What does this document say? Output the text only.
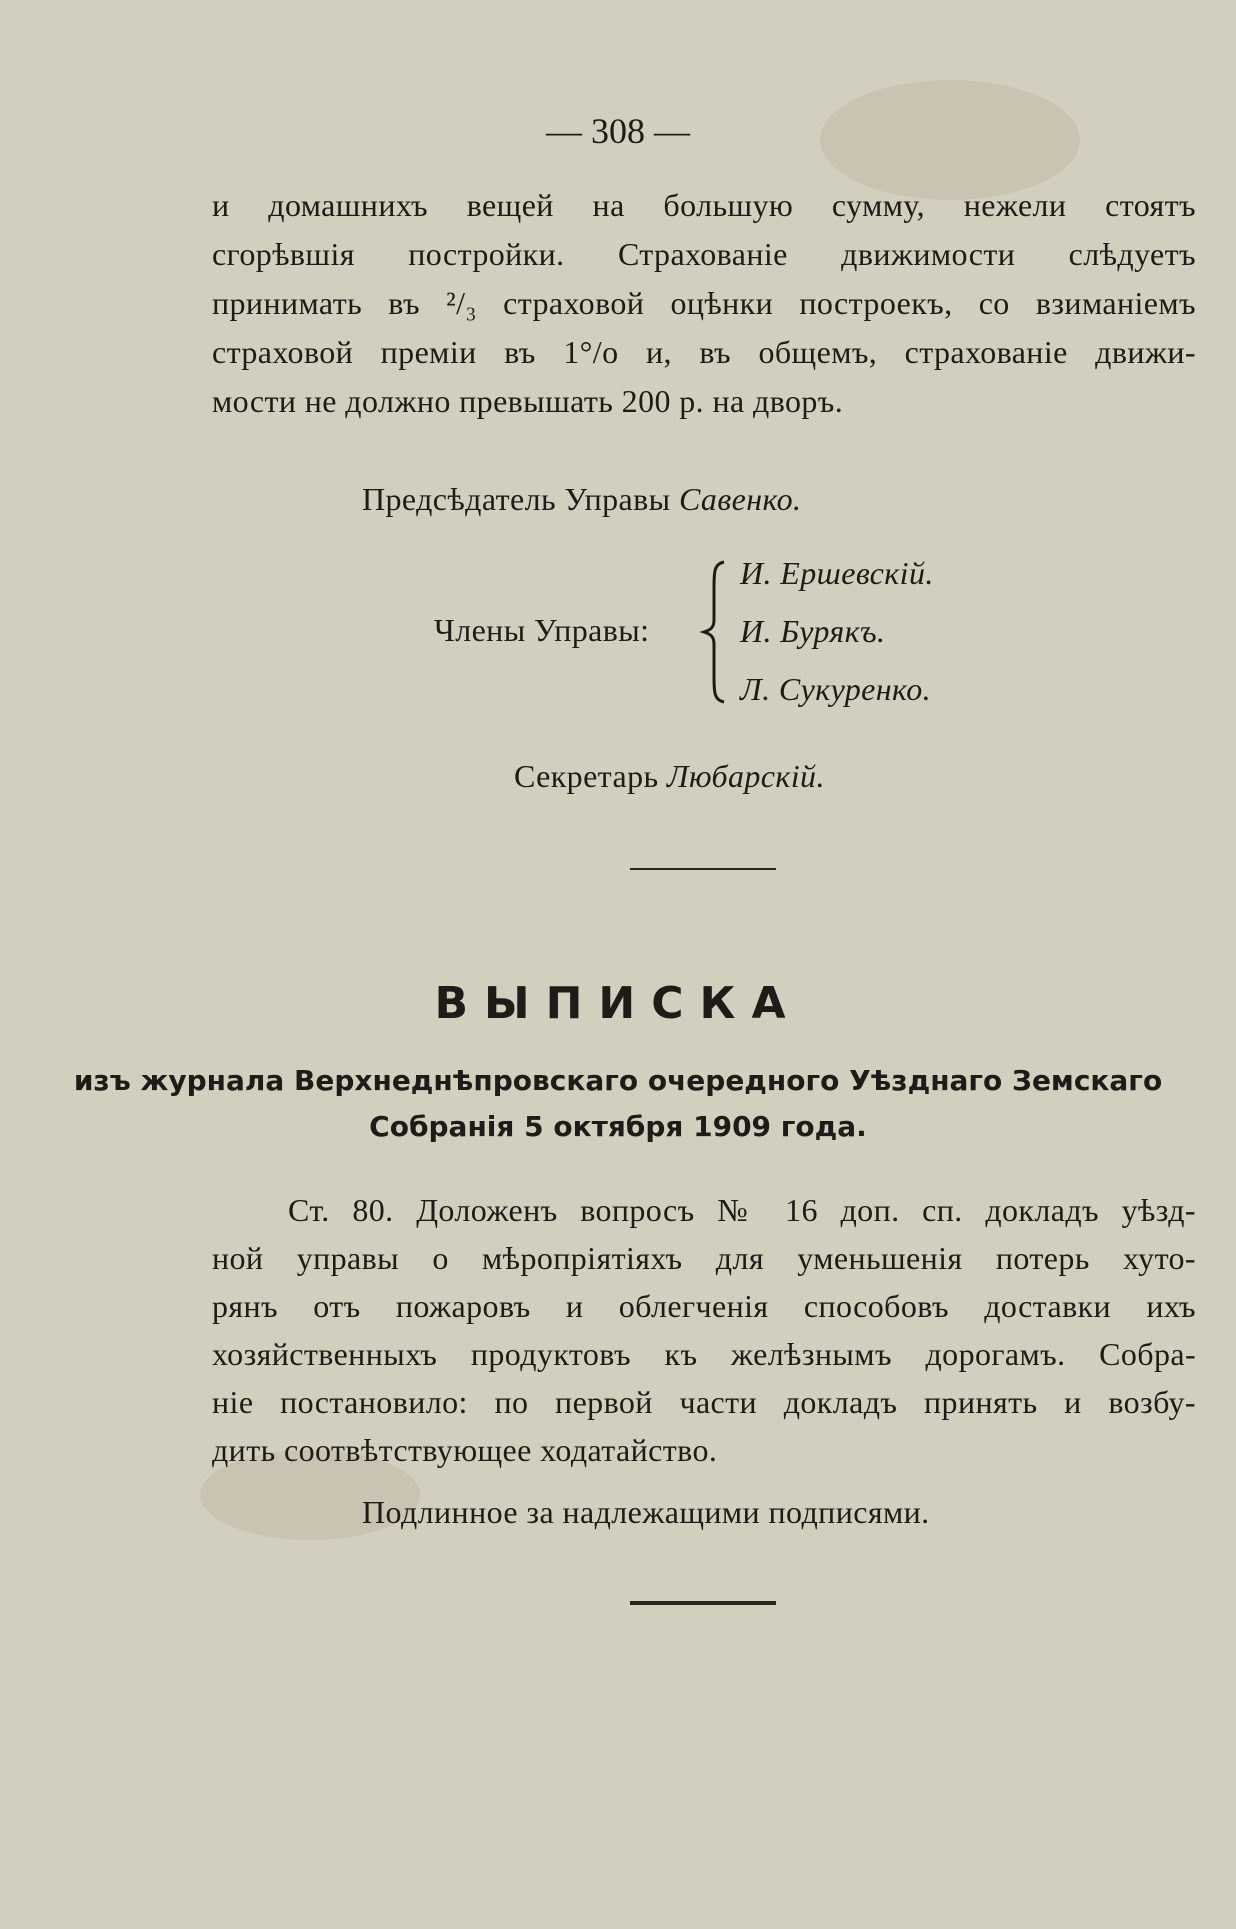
— 308 —
и домашнихъ вещей на большую сумму, нежели стоятъ
сгорѣвшія постройки. Страхованіе движимости слѣдуетъ
принимать въ ²/₃ страховой оцѣнки построекъ, со взиманіемъ
страховой преміи въ 1°/о и, въ общемъ, страхованіе движи-
мости не должно превышать 200 р. на дворъ.
Предсѣдатель Управы Савенко.
Члены Управы:
И. Ершевскій.
И. Бурякъ.
Л. Сукуренко.
Секретарь Любарскій.
ВЫПИСКА
изъ журнала Верхнеднѣпровскаго очередного Уѣзднаго Земскаго
Собранія 5 октября 1909 года.
Ст. 80. Доложенъ вопросъ № 16 доп. сп. докладъ уѣзд-
ной управы о мѣропріятіяхъ для уменьшенія потерь хуто-
рянъ отъ пожаровъ и облегченія способовъ доставки ихъ
хозяйственныхъ продуктовъ къ желѣзнымъ дорогамъ. Собра-
ніе постановило: по первой части докладъ принять и возбу-
дить соотвѣтствующее ходатайство.
Подлинное за надлежащими подписями.
